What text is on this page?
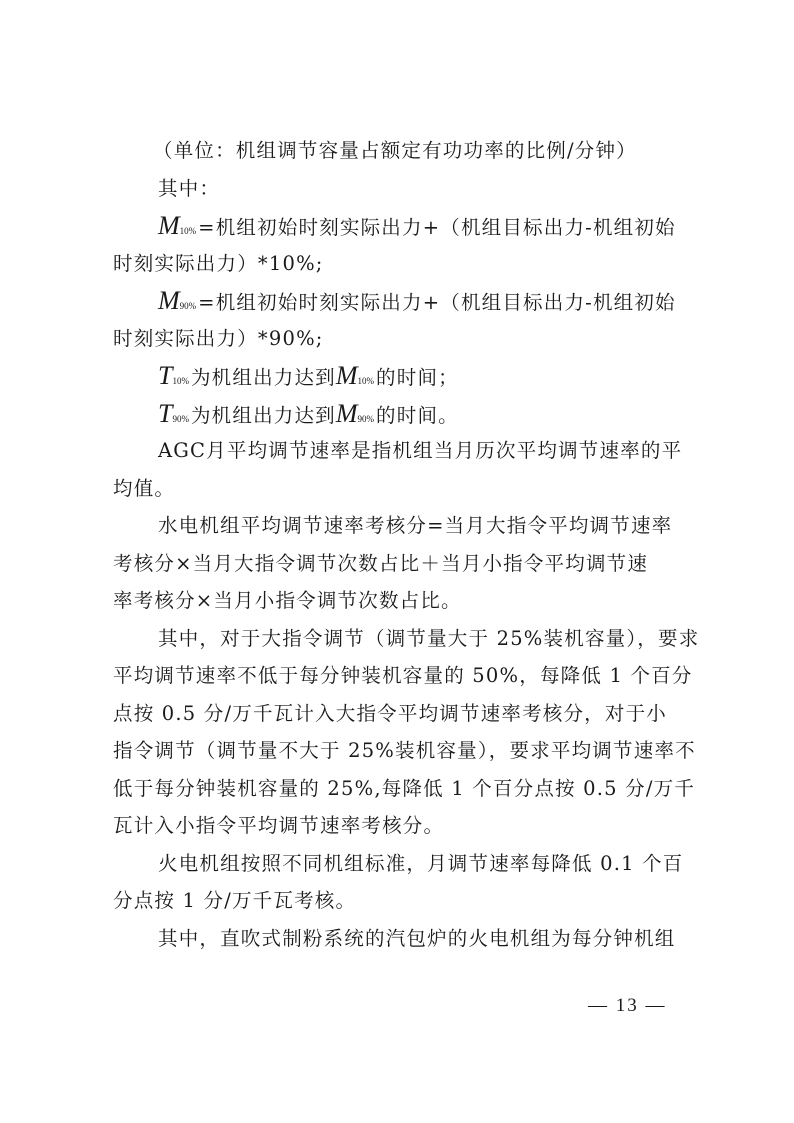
（单位：机组调节容量占额定有功功率的比例/分钟）
其中：
M10% =机组初始时刻实际出力+（机组目标出力-机组初始
时刻实际出力）*10%;
M90% =机组初始时刻实际出力+（机组目标出力-机组初始
时刻实际出力）*90%;
T10% 为机组出力达到M10% 的时间；
T90% 为机组出力达到M90% 的时间。
AGC月平均调节速率是指机组当月历次平均调节速率的平
均值。
水电机组平均调节速率考核分=当月大指令平均调节速率
考核分×当月大指令调节次数占比＋当月小指令平均调节速
率考核分×当月小指令调节次数占比。
其中，对于大指令调节（调节量大于 25%装机容量），要求
平均调节速率不低于每分钟装机容量的 50%，每降低 1 个百分
点按 0.5 分/万千瓦计入大指令平均调节速率考核分，对于小
指令调节（调节量不大于 25%装机容量），要求平均调节速率不
低于每分钟装机容量的 25%,每降低 1 个百分点按 0.5 分/万千
瓦计入小指令平均调节速率考核分。
火电机组按照不同机组标准，月调节速率每降低 0.1 个百
分点按 1 分/万千瓦考核。
其中，直吹式制粉系统的汽包炉的火电机组为每分钟机组
— 13 —
